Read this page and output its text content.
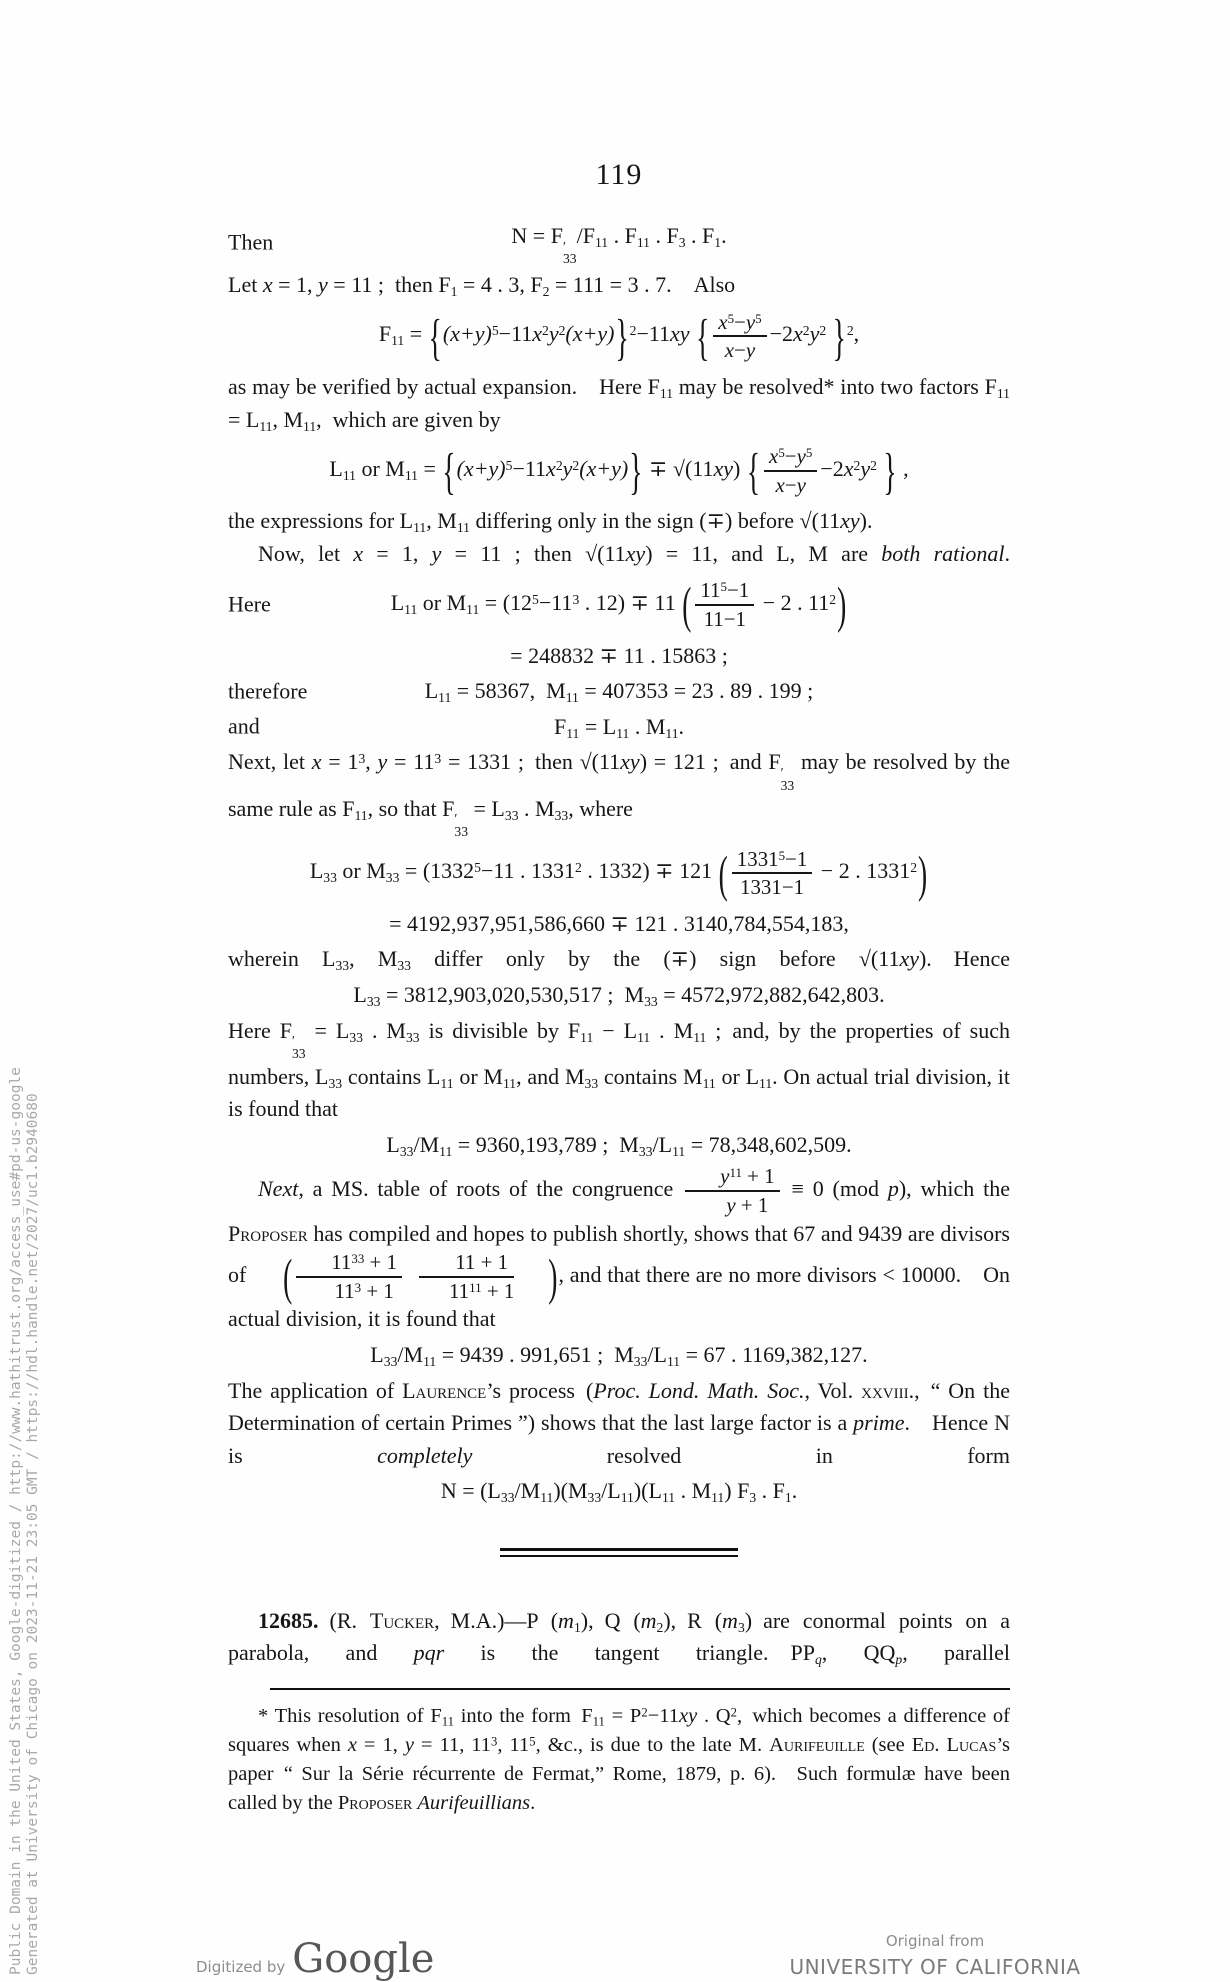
Public Domain in the United States, Google-digitized / http://www.hathitrust.org/access_use#pd-us-google Generated at University of Chicago on 2023-11-21 23:05 GMT / https://hdl.handle.net/2027/uc1.b2940680
119
Then	N = F ′
33
$/F_{11}$ . $F_{11}$ . $F_3$ . $F_1$.
Let x = 1, y = 11 ; then $F_1 = 4$ . 3, $F_2 = 111 = 3$ . 7. Also
$F_{11} = \{(x+y)^5-11x^2y^2(x+y)\}^2-11xy$ { $\frac{x^5-y^5}{x-y} -2x^2y^2$ }$^2$,
as may be verified by actual expansion. Here $F_{11}$ may be resolved* into two factors $F_{11} = L_{11}$, $M_{11}$, which are given by
$L_{11}$ or $M_{11} = \{(x+y)^5-11x^2y^2(x+y)\} \mp √(11xy)$ { $\frac{x^5-y^5}{x-y} -2x^2y^2$ } ,
the expressions for $L_{11}$, $M_{11}$ differing only in the sign (∓) before √(11xy).
Now, let x = 1, y = 11 ; then √(11xy) = 11, and L, M are both rational.
Here	$L_{11}$ or $M_{11} = (12^5-11^3$ . 12) ∓ 11 ( $\frac{11^5-1}{11-1} - 2$ . $11^2$)
= 248832 ∓ 11 . 15863 ;
therefore	$L_{11} = 58367$, $M_{11} = 407353 = 23$ . 89 . 199 ;
and	$F_{11} = L_{11}$ . $M_{11}$.
Next, let $x = 1^3$, $y = 11^3 = 1331$ ; then √(11xy) = 121 ; and F ′
33
may be resolved by the same rule as $F_{11}$, so that F ′
33
= $L_{33}$ . $M_{33}$, where
$L_{33}$ or $M_{33} = (1332^5-11$ . 1331$^2$ . 1332) ∓ 121 ( $\frac{1331^5-1}{1331-1} - 2$ . $1331^2$)
= 4192,937,951,586,660 ∓ 121 . 3140,784,554,183,
wherein $L_{33}$, $M_{33}$ differ only by the (∓) sign before √(11xy). Hence
$L_{33} = 3812,903,020,530,517$ ; $M_{33} = 4572,972,882,642,803$.
Here F ′
33
= $L_{33}$ . $M_{33}$ is divisible by $F_{11} - L_{11}$ . $M_{11}$ ; and, by the properties of such numbers, $L_{33}$ contains $L_{11}$ or $M_{11}$, and $M_{33}$ contains $M_{11}$ or $L_{11}$. On actual trial division, it is found that
$L_{33}/M_{11} = 9360,193,789$ ; $M_{33}/L_{11} = 78,348,602,509$.
Next, a MS. table of roots of the congruence $\frac{y^{11} + 1}{y + 1} \equiv 0$ (mod p), which the Proposer has compiled and hopes to publish shortly, shows that 67 and 9439 are divisors of ( $\frac{11^{33} + 1}{11^3 + 1}$
  $\frac{11 + 1}{11^{11} + 1}$ ), and that there are no more divisors < 10000. On actual division, it is found that
$L_{33}/M_{11} = 9439$ . 991,651 ; $M_{33}/L_{11} = 67$ . 1169,382,127.
The application of Laurence’s process (Proc. Lond. Math. Soc., Vol. xxviii., “ On the Determination of certain Primes ”) shows that the last large factor is a prime. Hence N is completely resolved in form
$N = (L_{33}/M_{11})(M_{33}/L_{11})(L_{11}$ . $M_{11}$) $F_3$ . $F_1$.
12685. (R. Tucker, M.A.)—P $(m_1)$, Q $(m_2)$, R $(m_3)$ are conormal points on a parabola, and pqr is the tangent triangle. $PP_q$, $QQ_p$, parallel
* This resolution of $F_{11}$ into the form $F_{11} = P^2-11xy$ . $Q^2$, which becomes a difference of squares when x = 1, y = 11, $11^3$, $11^5$, &c., is due to the late M. Aurifeuille (see Ed. Lucas’s paper “ Sur la Série récurrente de Fermat,” Rome, 1879, p. 6). Such formulæ have been called by the Proposer Aurifeuillians.
Digitized by Google	Original from
UNIVERSITY OF CALIFORNIA
